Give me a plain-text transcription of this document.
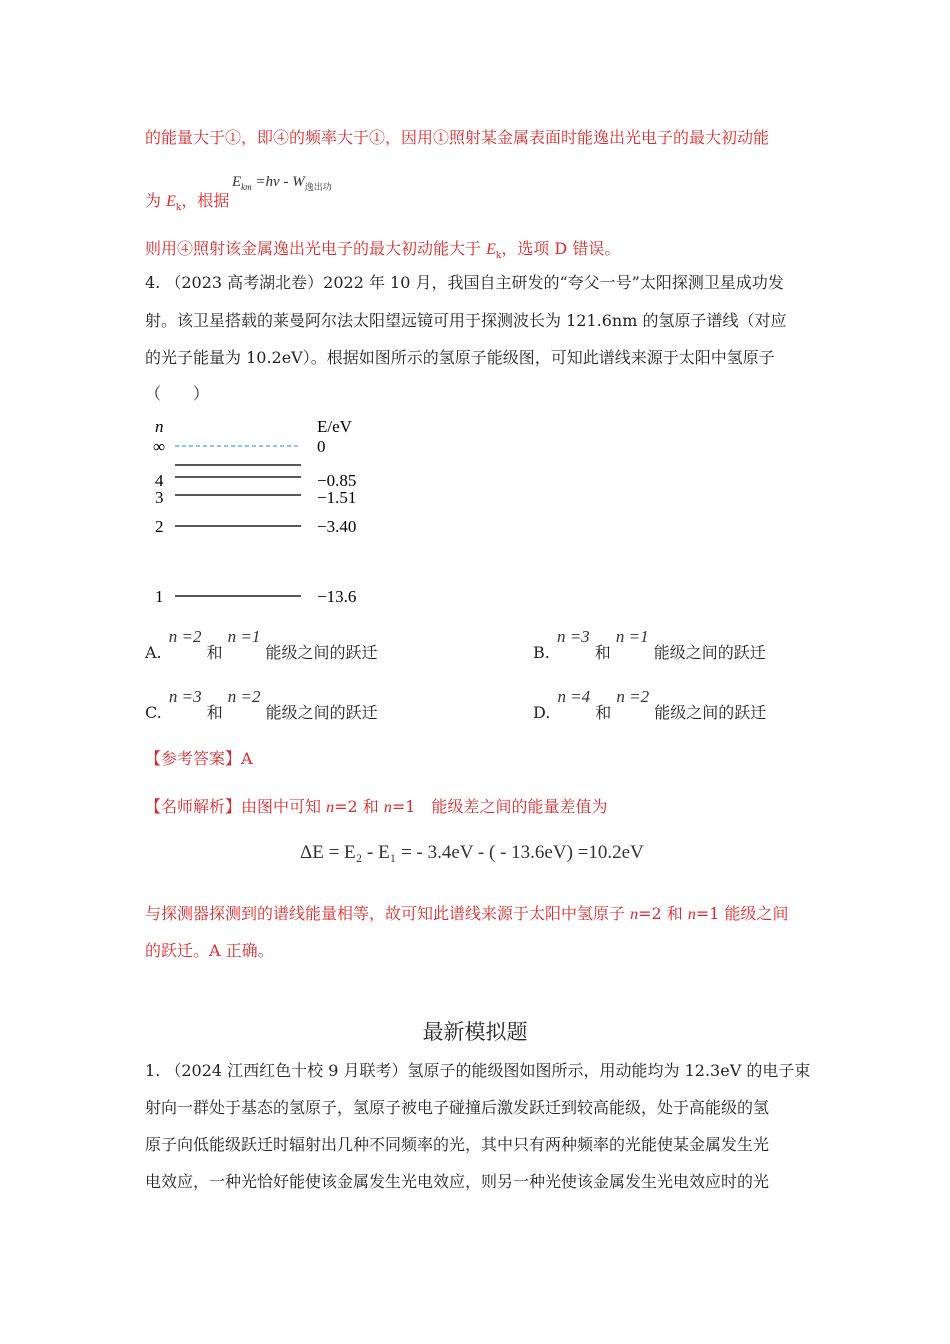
的能量大于①，即④的频率大于①，因用①照射某金属表面时能逸出光电子的最大初动能
为 $E_k$，根据
$E_{km} =h\nu - W_{逸出功}$
则用④照射该金属逸出光电子的最大初动能大于 $E_k$，选项 D 错误。
4. （2023 高考湖北卷）2022 年 10 月，我国自主研发的“夸父一号”太阳探测卫星成功发
射。该卫星搭载的莱曼阿尔法太阳望远镜可用于探测波长为 121.6nm 的氢原子谱线（对应
的光子能量为 10.2eV）。根据如图所示的氢原子能级图，可知此谱线来源于太阳中氢原子
（　　）
n	E/eV
∞	0
4	−0.85
3	−1.51
2	−3.40
1	−13.6
A. n =2 和 n =1 能级之间的跃迁	B. n =3 和 n =1 能级之间的跃迁
C. n =3 和 n =2 能级之间的跃迁	D. n =4 和 n =2 能级之间的跃迁
【参考答案】A
【名师解析】由图中可知 n=2 和 n=1　能级差之间的能量差值为
ΔE = E₂ - E₁ = - 3.4eV - ( - 13.6eV) =10.2eV
与探测器探测到的谱线能量相等，故可知此谱线来源于太阳中氢原子 n=2 和 n=1 能级之间
的跃迁。A 正确。
最新模拟题
1. （2024 江西红色十校 9 月联考）氢原子的能级图如图所示，用动能均为 12.3eV 的电子束
射向一群处于基态的氢原子，氢原子被电子碰撞后激发跃迁到较高能级，处于高能级的氢
原子向低能级跃迁时辐射出几种不同频率的光，其中只有两种频率的光能使某金属发生光
电效应，一种光恰好能使该金属发生光电效应，则另一种光使该金属发生光电效应时的光
